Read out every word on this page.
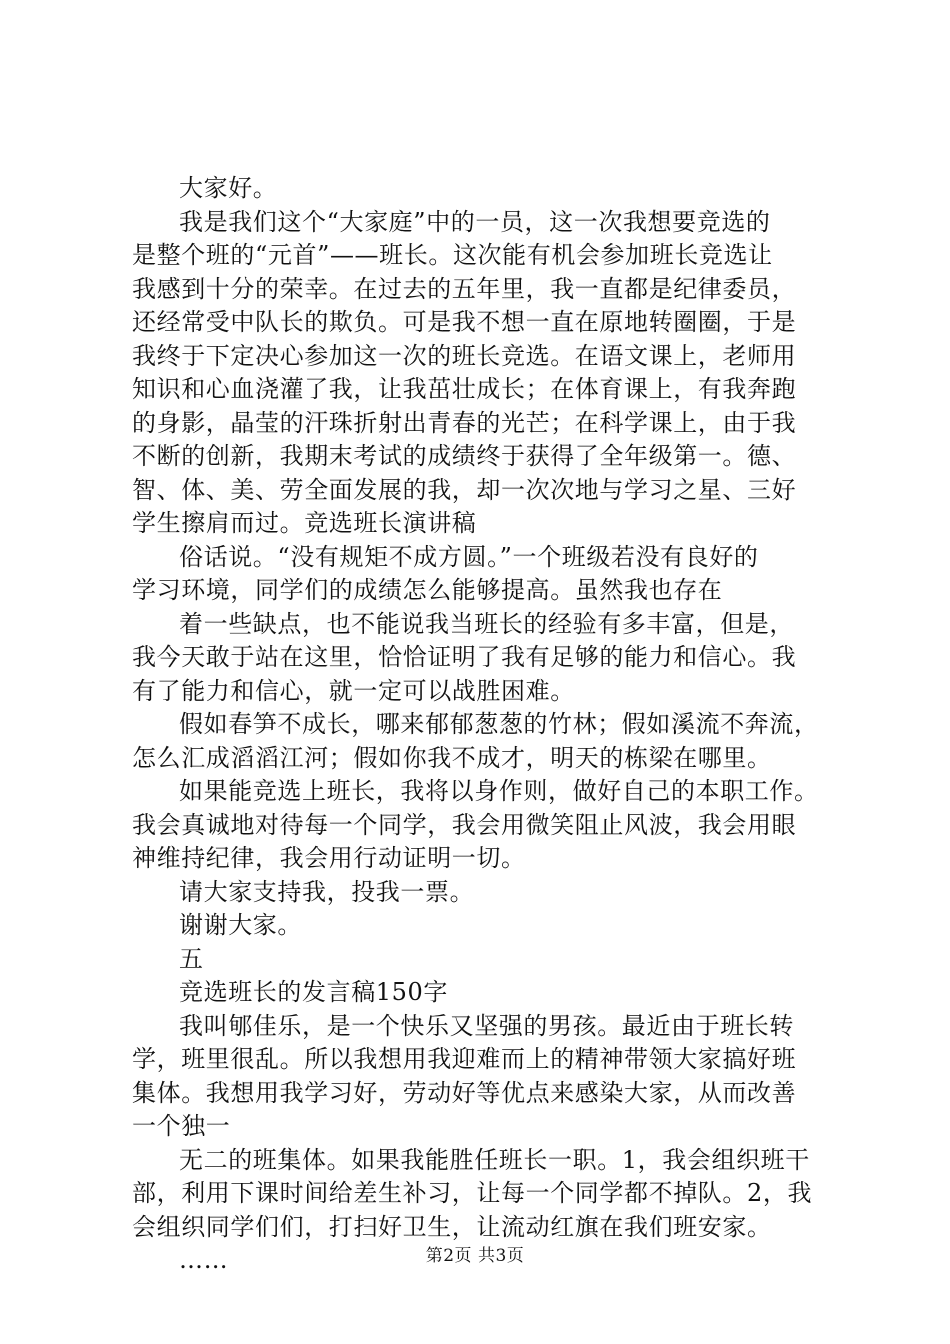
大家好。
我是我们这个“大家庭”中的一员，这一次我想要竞选的
是整个班的“元首”——班长。这次能有机会参加班长竞选让
我感到十分的荣幸。在过去的五年里，我一直都是纪律委员，
还经常受中队长的欺负。可是我不想一直在原地转圈圈，于是
我终于下定决心参加这一次的班长竞选。在语文课上，老师用
知识和心血浇灌了我，让我茁壮成长；在体育课上，有我奔跑
的身影，晶莹的汗珠折射出青春的光芒；在科学课上，由于我
不断的创新，我期末考试的成绩终于获得了全年级第一。德、
智、体、美、劳全面发展的我，却一次次地与学习之星、三好
学生擦肩而过。竞选班长演讲稿
俗话说。“没有规矩不成方圆。”一个班级若没有良好的
学习环境，同学们的成绩怎么能够提高。虽然我也存在
着一些缺点，也不能说我当班长的经验有多丰富，但是，
我今天敢于站在这里，恰恰证明了我有足够的能力和信心。我
有了能力和信心，就一定可以战胜困难。
假如春笋不成长，哪来郁郁葱葱的竹林；假如溪流不奔流，
怎么汇成滔滔江河；假如你我不成才，明天的栋梁在哪里。
如果能竞选上班长，我将以身作则，做好自己的本职工作。
我会真诚地对待每一个同学，我会用微笑阻止风波，我会用眼
神维持纪律，我会用行动证明一切。
请大家支持我，投我一票。
谢谢大家。
五
竞选班长的发言稿150字
我叫郇佳乐，是一个快乐又坚强的男孩。最近由于班长转
学，班里很乱。所以我想用我迎难而上的精神带领大家搞好班
集体。我想用我学习好，劳动好等优点来感染大家，从而改善
一个独一
无二的班集体。如果我能胜任班长一职。1，我会组织班干
部，利用下课时间给差生补习，让每一个同学都不掉队。2，我
会组织同学们们，打扫好卫生，让流动红旗在我们班安家。
……	第2页 共3页
